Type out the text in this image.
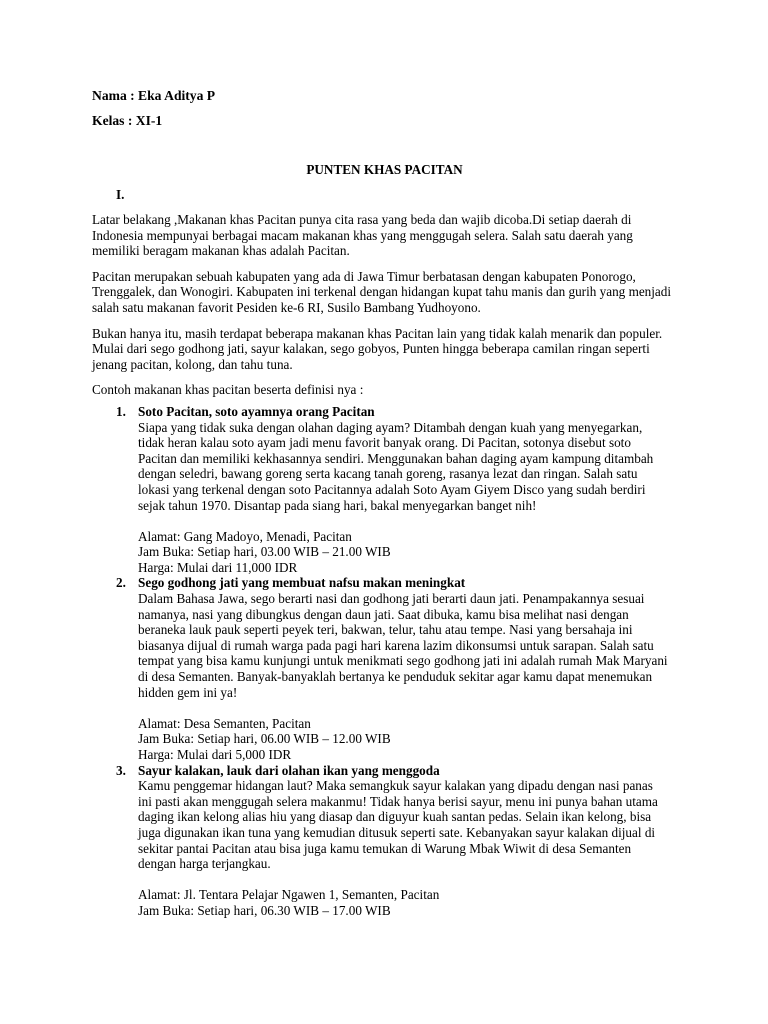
Nama : Eka Aditya P
Kelas : XI-1
PUNTEN KHAS PACITAN
I.

Latar belakang ,Makanan khas Pacitan punya cita rasa yang beda dan wajib dicoba.Di setiap daerah di Indonesia mempunyai berbagai macam makanan khas yang menggugah selera. Salah satu daerah yang memiliki beragam makanan khas adalah Pacitan.

Pacitan merupakan sebuah kabupaten yang ada di Jawa Timur berbatasan dengan kabupaten Ponorogo, Trenggalek, dan Wonogiri. Kabupaten ini terkenal dengan hidangan kupat tahu manis dan gurih yang menjadi salah satu makanan favorit Pesiden ke-6 RI, Susilo Bambang Yudhoyono.

Bukan hanya itu, masih terdapat beberapa makanan khas Pacitan lain yang tidak kalah menarik dan populer. Mulai dari sego godhong jati, sayur kalakan, sego gobyos, Punten hingga beberapa camilan ringan seperti jenang pacitan, kolong, dan tahu tuna.

Contoh makanan khas pacitan beserta definisi nya :

1. Soto Pacitan, soto ayamnya orang Pacitan
Siapa yang tidak suka dengan olahan daging ayam? Ditambah dengan kuah yang menyegarkan, tidak heran kalau soto ayam jadi menu favorit banyak orang. Di Pacitan, sotonya disebut soto Pacitan dan memiliki kekhasannya sendiri. Menggunakan bahan daging ayam kampung ditambah dengan seledri, bawang goreng serta kacang tanah goreng, rasanya lezat dan ringan. Salah satu lokasi yang terkenal dengan soto Pacitannya adalah Soto Ayam Giyem Disco yang sudah berdiri sejak tahun 1970. Disantap pada siang hari, bakal menyegarkan banget nih!
Alamat: Gang Madoyo, Menadi, Pacitan
Jam Buka: Setiap hari, 03.00 WIB – 21.00 WIB
Harga: Mulai dari 11,000 IDR
2. Sego godhong jati yang membuat nafsu makan meningkat
Dalam Bahasa Jawa, sego berarti nasi dan godhong jati berarti daun jati. Penampakannya sesuai namanya, nasi yang dibungkus dengan daun jati. Saat dibuka, kamu bisa melihat nasi dengan beraneka lauk pauk seperti peyek teri, bakwan, telur, tahu atau tempe. Nasi yang bersahaja ini biasanya dijual di rumah warga pada pagi hari karena lazim dikonsumsi untuk sarapan. Salah satu tempat yang bisa kamu kunjungi untuk menikmati sego godhong jati ini adalah rumah Mak Maryani di desa Semanten. Banyak-banyaklah bertanya ke penduduk sekitar agar kamu dapat menemukan hidden gem ini ya!
Alamat: Desa Semanten, Pacitan
Jam Buka: Setiap hari, 06.00 WIB – 12.00 WIB
Harga: Mulai dari 5,000 IDR
3. Sayur kalakan, lauk dari olahan ikan yang menggoda
Kamu penggemar hidangan laut? Maka semangkuk sayur kalakan yang dipadu dengan nasi panas ini pasti akan menggugah selera makanmu! Tidak hanya berisi sayur, menu ini punya bahan utama daging ikan kelong alias hiu yang diasap dan diguyur kuah santan pedas. Selain ikan kelong, bisa juga digunakan ikan tuna yang kemudian ditusuk seperti sate. Kebanyakan sayur kalakan dijual di sekitar pantai Pacitan atau bisa juga kamu temukan di Warung Mbak Wiwit di desa Semanten dengan harga terjangkau.
Alamat: Jl. Tentara Pelajar Ngawen 1, Semanten, Pacitan
Jam Buka: Setiap hari, 06.30 WIB – 17.00 WIB
